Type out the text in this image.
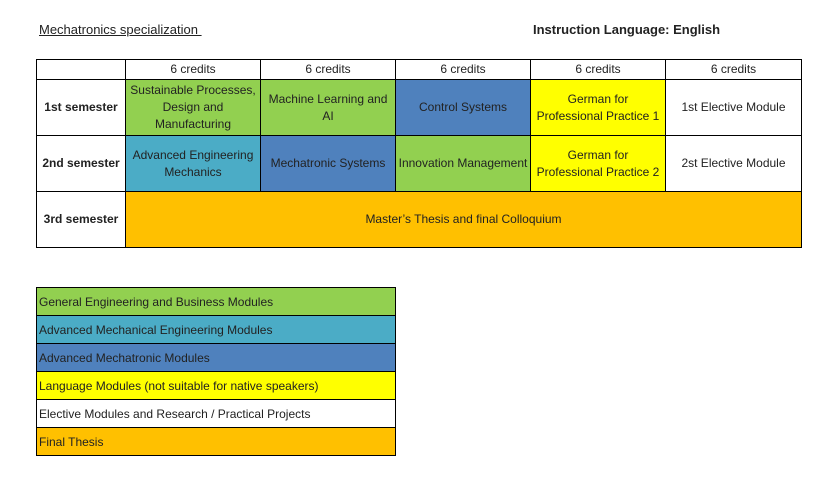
Mechatronics specialization	Instruction Language: English
	6 credits	6 credits	6 credits	6 credits	6 credits
1st semester	Sustainable Processes, Design and Manufacturing	Machine Learning and AI	Control Systems	German for Professional Practice 1	1st Elective Module
2nd semester	Advanced Engineering Mechanics	Mechatronic Systems	Innovation Management	German for Professional Practice 2	2st Elective Module
3rd semester	Master’s Thesis and final Colloquium				
General Engineering and Business Modules
Advanced Mechanical Engineering Modules
Advanced Mechatronic Modules
Language Modules (not suitable for native speakers)
Elective Modules and Research / Practical Projects
Final Thesis
